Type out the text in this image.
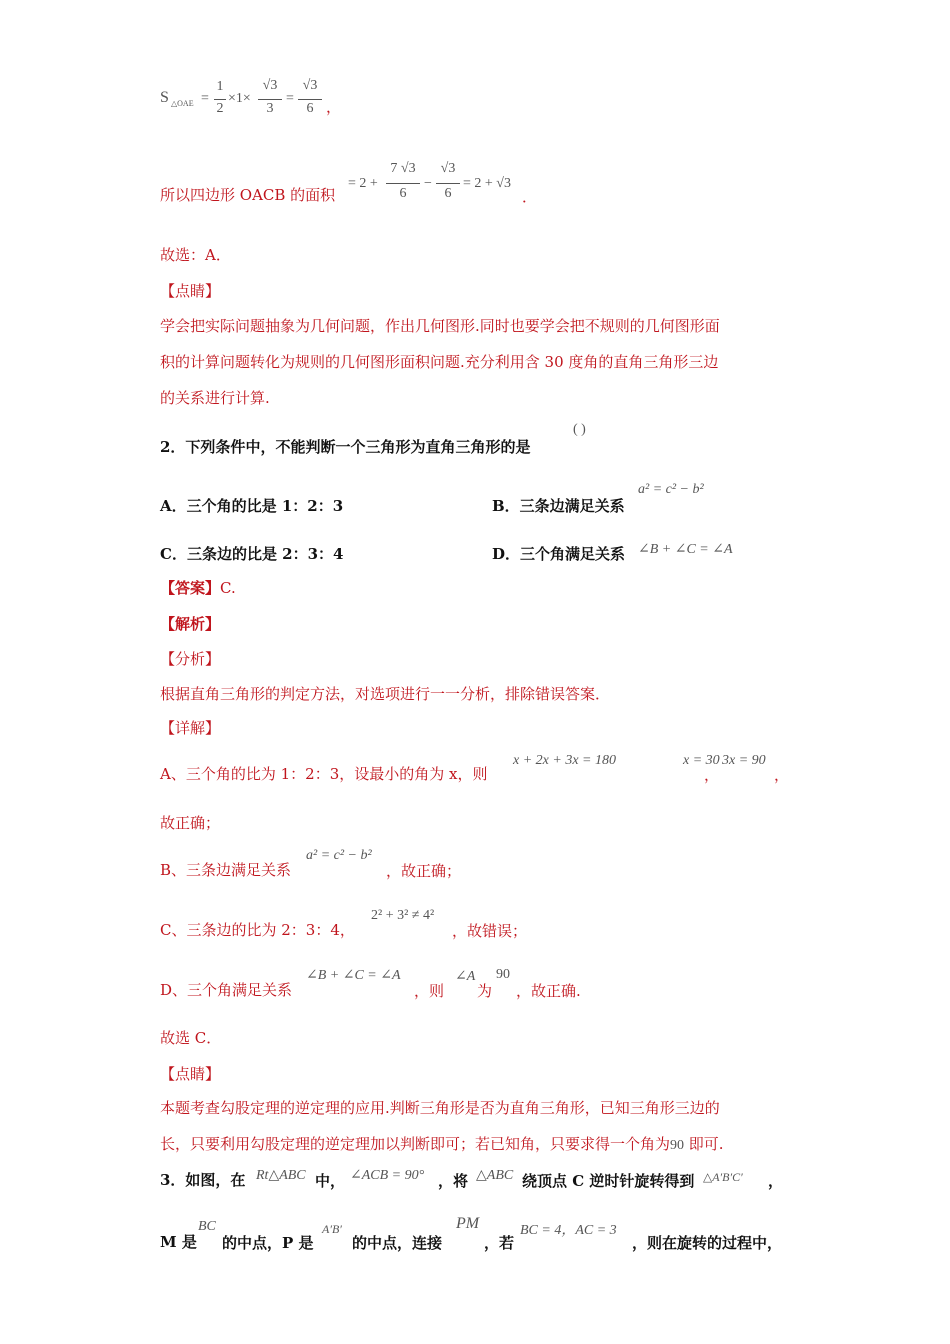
S △OAE =
1
2
×1×
√3
3
=
√3
6 ，
所以四边形 OACB 的面积
= 2 +
7 √3
6
−
√3
6
= 2 + √3
．
故选：A．
【点睛】
学会把实际问题抽象为几何问题，作出几何图形.同时也要学会把不规则的几何图形面
积的计算问题转化为规则的几何图形面积问题.充分利用含 30 度角的直角三角形三边
的关系进行计算.
2．下列条件中，不能判断一个三角形为直角三角形的是
( )
A．三个角的比是 1：2：3	B．三条边满足关系
a² = c² − b²
C．三条边的比是 2：3：4	D．三个角满足关系 ∠B + ∠C = ∠A
【答案】C.
【解析】
【分析】
根据直角三角形的判定方法，对选项进行一一分析，排除错误答案．
【详解】
A、三个角的比为 1：2：3，设最小的角为 x，则
x + 2x + 3x = 180	x = 30
，
3x = 90
，
故正确；
B、三条边满足关系
a² = c² − b²
，故正确；
C、三条边的比为 2：3：4，
2² + 3² ≠ 4²
，故错误；
D、三个角满足关系
∠B + ∠C = ∠A
，则
∠A
为
90
，故正确.
故选 C．
【点睛】
本题考查勾股定理的逆定理的应用.判断三角形是否为直角三角形，已知三角形三边的
长，只要利用勾股定理的逆定理加以判断即可；若已知角，只要求得一个角为90 即可.
3．如图，在 Rt△ABC 中， ∠ACB = 90° ，将 △ABC 绕顶点 C 逆时针旋转得到 △A′B′C′ ，
M 是
BC
的中点，P 是
A′B′
的中点，连接
PM
，若
BC = 4，AC = 3
，则在旋转的过程中，
